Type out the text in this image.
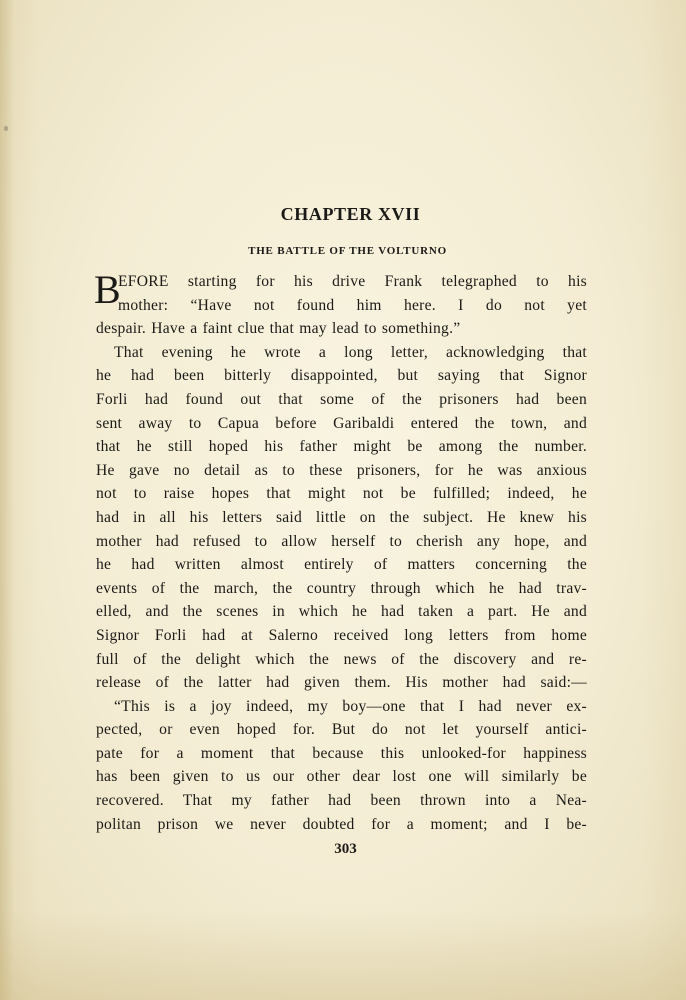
CHAPTER XVII
THE BATTLE OF THE VOLTURNO
B
EFORE starting for his drive Frank telegraphed to his
mother: “Have not found him here. I do not yet
despair. Have a faint clue that may lead to something.”
That evening he wrote a long letter, acknowledging that
he had been bitterly disappointed, but saying that Signor
Forli had found out that some of the prisoners had been
sent away to Capua before Garibaldi entered the town, and
that he still hoped his father might be among the number.
He gave no detail as to these prisoners, for he was anxious
not to raise hopes that might not be fulfilled; indeed, he
had in all his letters said little on the subject. He knew his
mother had refused to allow herself to cherish any hope, and
he had written almost entirely of matters concerning the
events of the march, the country through which he had trav-
elled, and the scenes in which he had taken a part. He and
Signor Forli had at Salerno received long letters from home
full of the delight which the news of the discovery and re-
release of the latter had given them. His mother had said:—
“This is a joy indeed, my boy—one that I had never ex-
pected, or even hoped for. But do not let yourself antici-
pate for a moment that because this unlooked-for happiness
has been given to us our other dear lost one will similarly be
recovered. That my father had been thrown into a Nea-
politan prison we never doubted for a moment; and I be-
303
